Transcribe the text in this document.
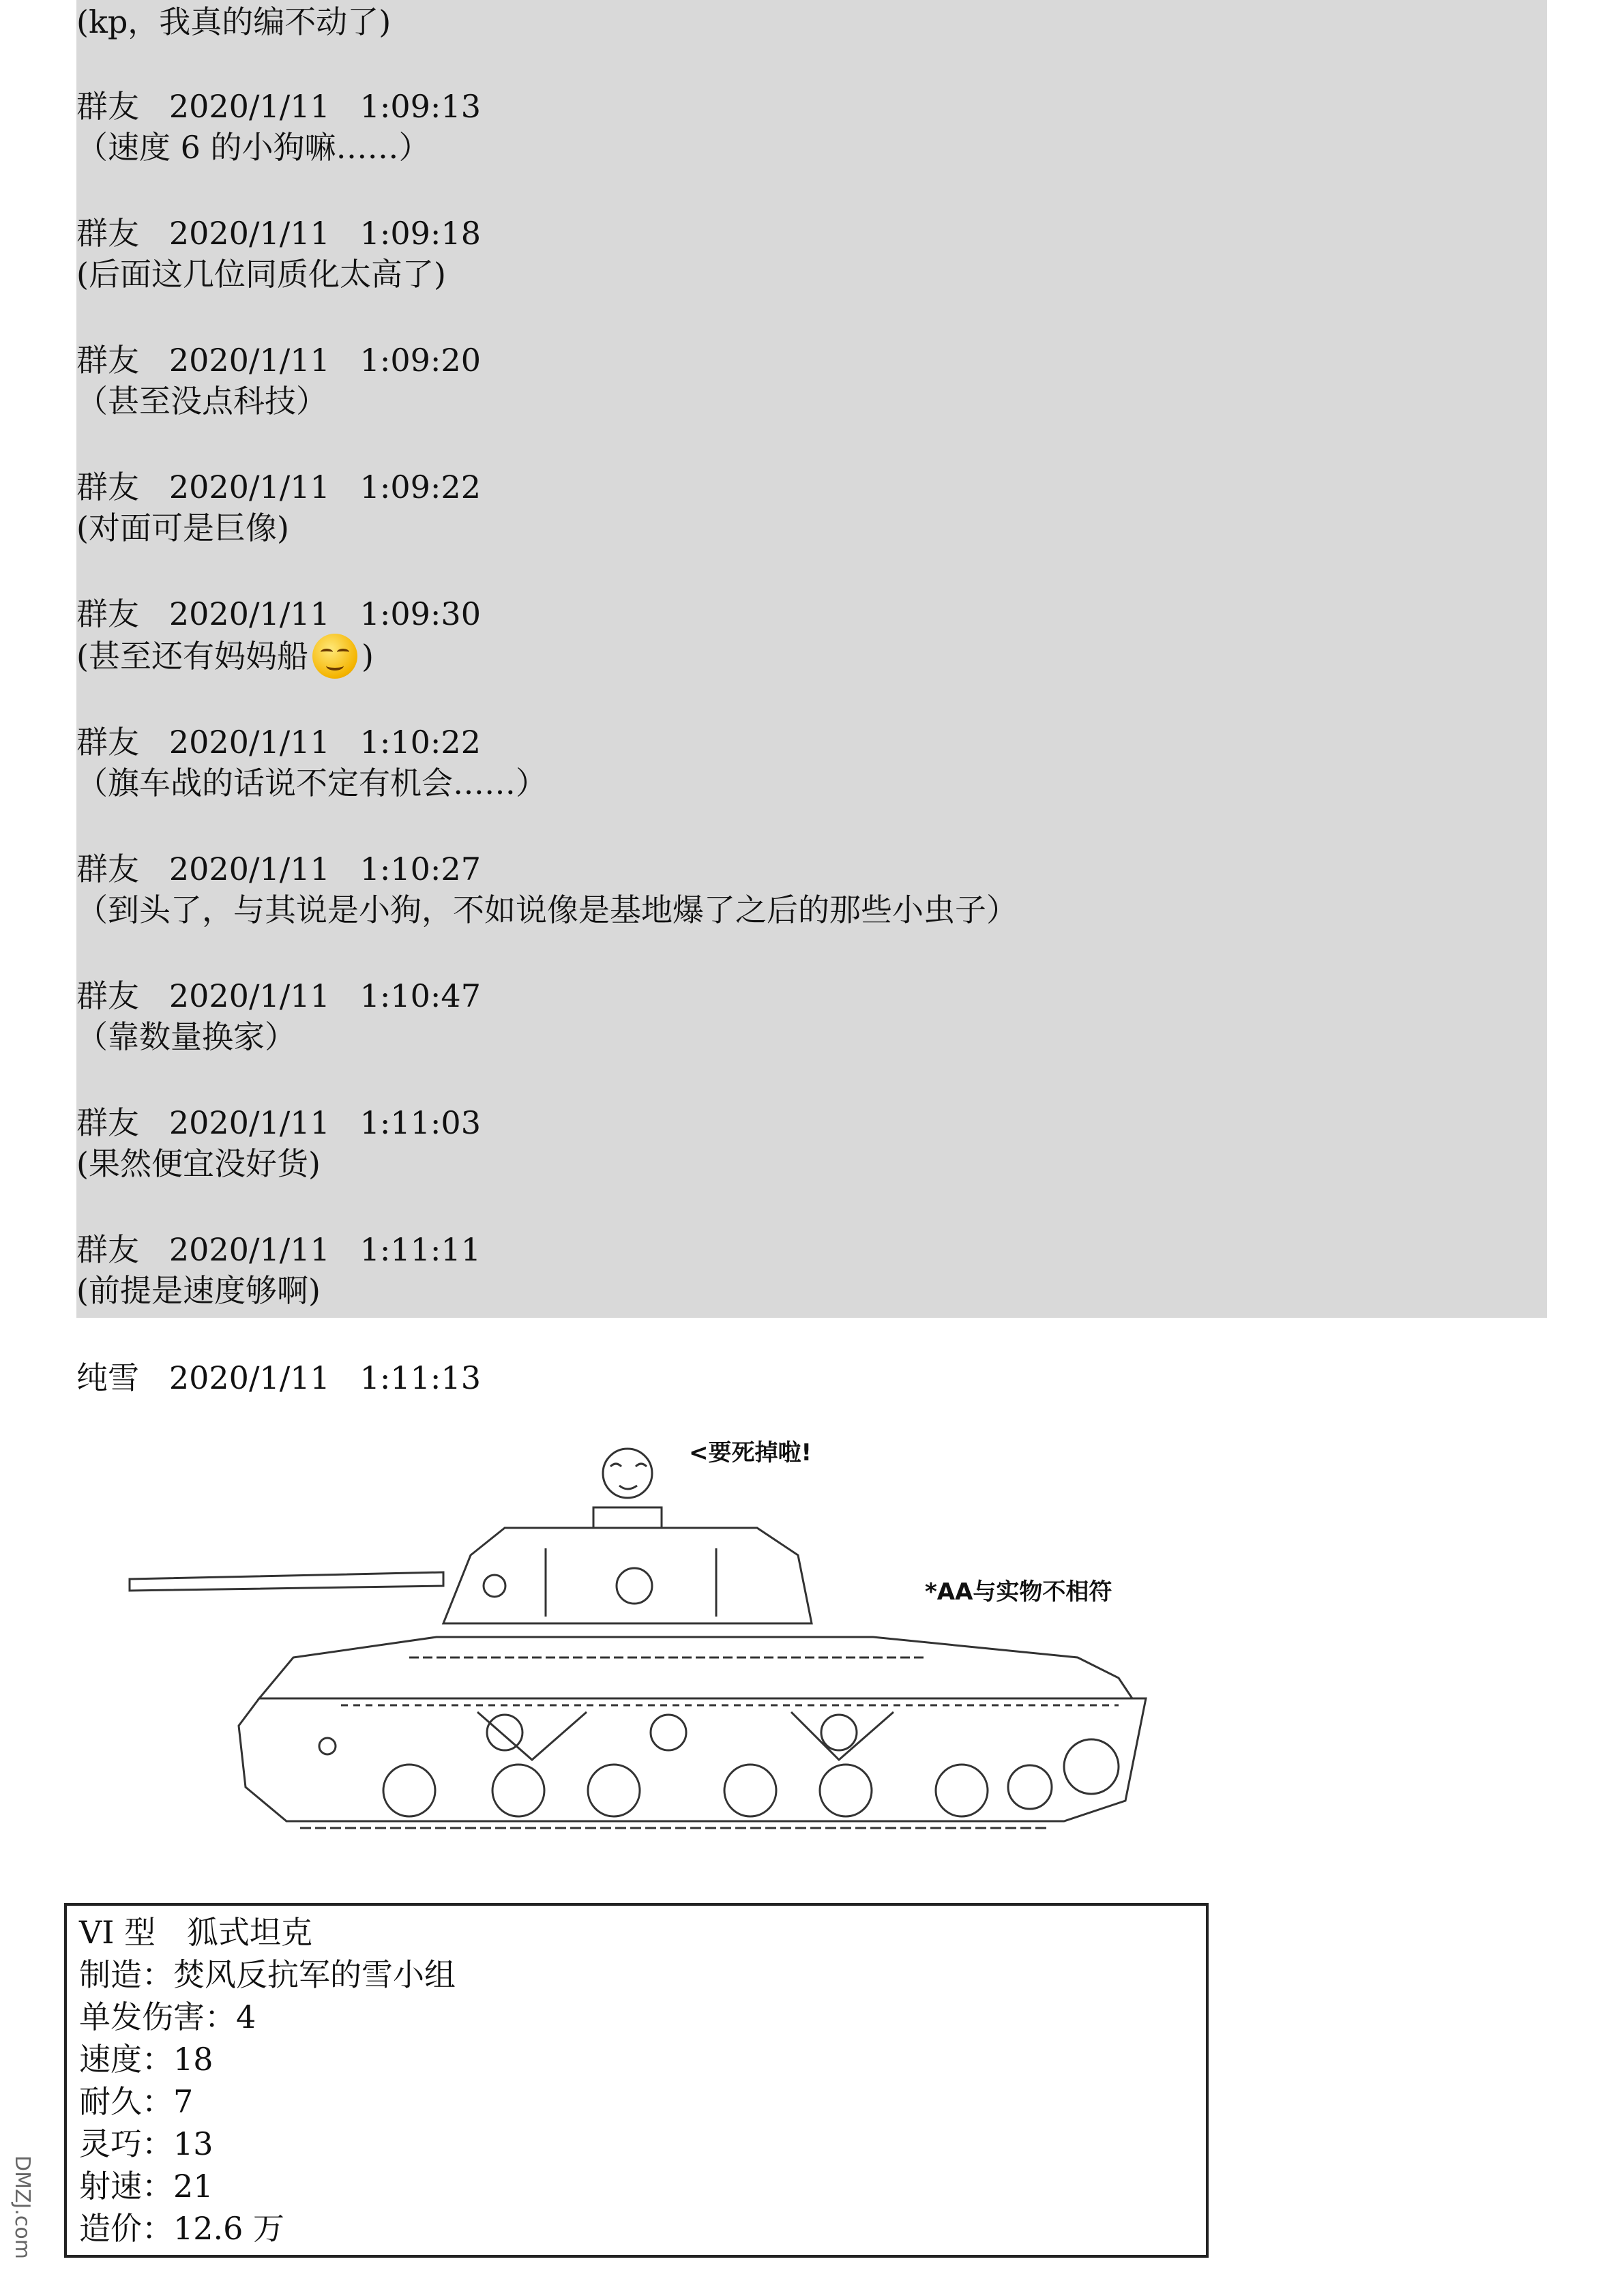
(kp，我真的编不动了)
群友 2020/1/11 1:09:13
（速度 6 的小狗嘛……）
群友 2020/1/11 1:09:18
(后面这几位同质化太高了)
群友 2020/1/11 1:09:20
（甚至没点科技）
群友 2020/1/11 1:09:22
(对面可是巨像)
群友 2020/1/11 1:09:30
(甚至还有妈妈船 )
群友 2020/1/11 1:10:22
（旗车战的话说不定有机会……）
群友 2020/1/11 1:10:27
（到头了，与其说是小狗，不如说像是基地爆了之后的那些小虫子）
群友 2020/1/11 1:10:47
（靠数量换家）
群友 2020/1/11 1:11:03
(果然便宜没好货)
群友 2020/1/11 1:11:11
(前提是速度够啊)
纯雪 2020/1/11 1:11:13
<要死掉啦!
*AA与实物不相符
VI 型　狐式坦克
制造：焚风反抗军的雪小组
单发伤害：4
速度：18
耐久：7
灵巧：13
射速：21
造价：12.6 万
DMZJ.com
